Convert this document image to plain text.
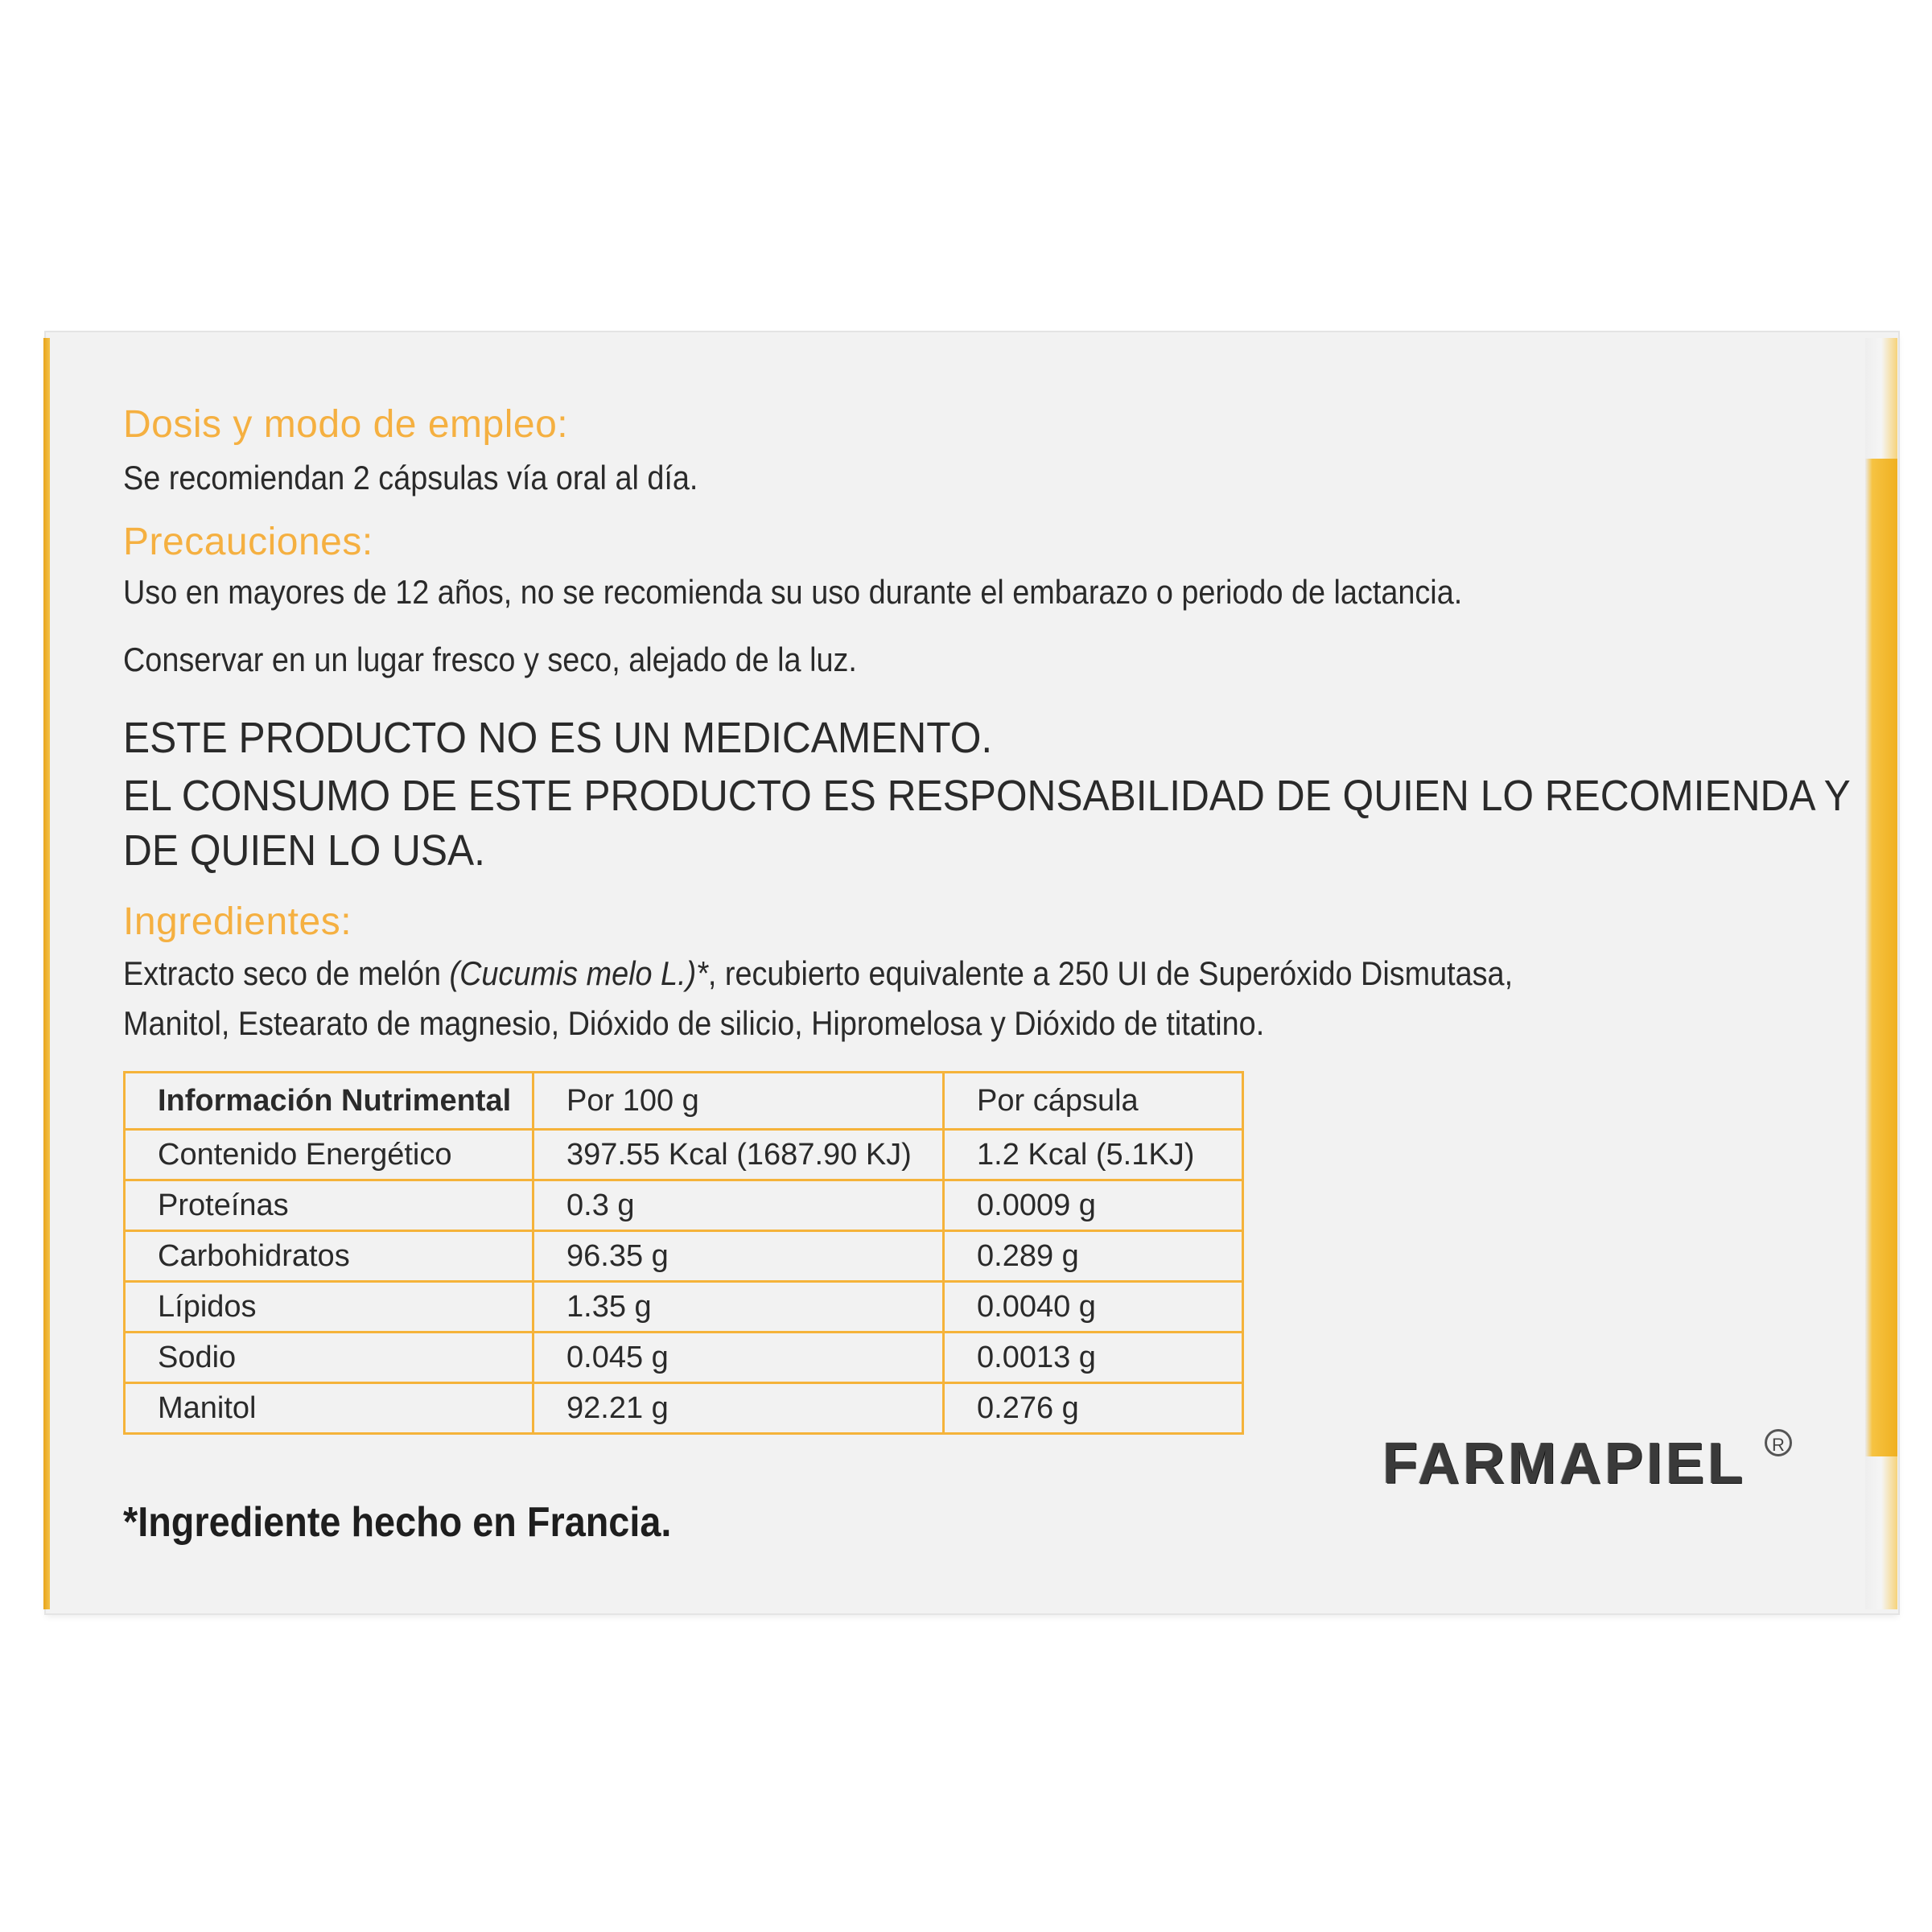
Dosis y modo de empleo:

Se recomiendan 2 cápsulas vía oral al día.

Precauciones:

Uso en mayores de 12 años, no se recomienda su uso durante el embarazo o periodo de lactancia.

Conservar en un lugar fresco y seco, alejado de la luz.

ESTE PRODUCTO NO ES UN MEDICAMENTO.

EL CONSUMO DE ESTE PRODUCTO ES RESPONSABILIDAD DE QUIEN LO RECOMIENDA Y

DE QUIEN LO USA.

Ingredientes:

Extracto seco de melón (Cucumis melo L.)*, recubierto equivalente a 250 UI de Superóxido Dismutasa,

Manitol, Estearato de magnesio, Dióxido de silicio, Hipromelosa y Dióxido de titatino.

Información Nutrimental	Por 100 g	Por cápsula
Contenido Energético	397.55 Kcal (1687.90 KJ)	1.2 Kcal (5.1KJ)
Proteínas	0.3 g	0.0009 g
Carbohidratos	96.35 g	0.289 g
Lípidos	1.35 g	0.0040 g
Sodio	0.045 g	0.0013 g
Manitol	92.21 g	0.276 g
FARMAPIEL	R

*Ingrediente hecho en Francia.
